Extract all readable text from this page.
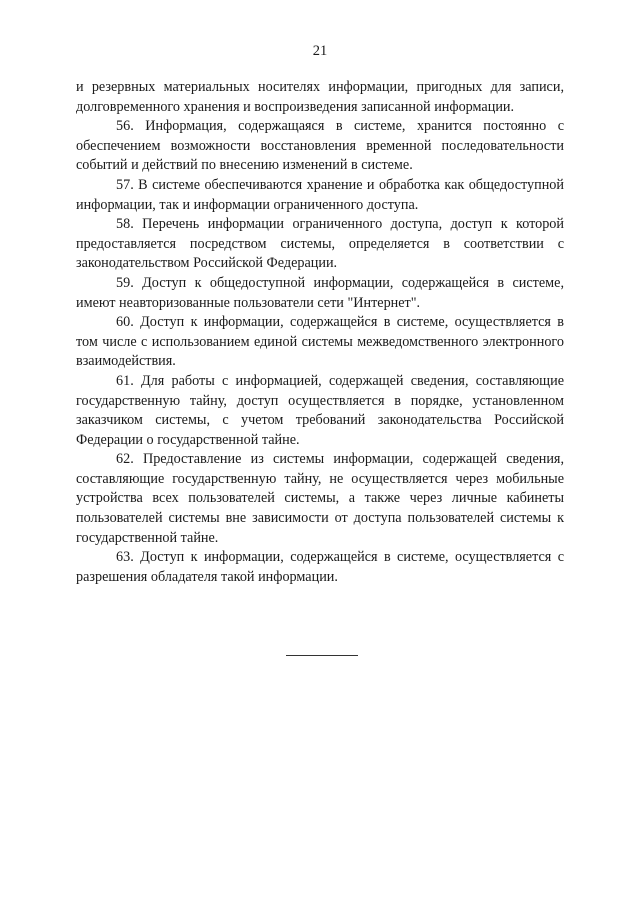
21

и резервных материальных носителях информации, пригодных для записи, долговременного хранения и воспроизведения записанной информации.

56. Информация, содержащаяся в системе, хранится постоянно с обеспечением возможности восстановления временной последовательности событий и действий по внесению изменений в системе.

57. В системе обеспечиваются хранение и обработка как общедоступной информации, так и информации ограниченного доступа.

58. Перечень информации ограниченного доступа, доступ к которой предоставляется посредством системы, определяется в соответствии с законодательством Российской Федерации.

59. Доступ к общедоступной информации, содержащейся в системе, имеют неавторизованные пользователи сети "Интернет".

60. Доступ к информации, содержащейся в системе, осуществляется в том числе с использованием единой системы межведомственного электронного взаимодействия.

61. Для работы с информацией, содержащей сведения, составляющие государственную тайну, доступ осуществляется в порядке, установленном заказчиком системы, с учетом требований законодательства Российской Федерации о государственной тайне.

62. Предоставление из системы информации, содержащей сведения, составляющие государственную тайну, не осуществляется через мобильные устройства всех пользователей системы, а также через личные кабинеты пользователей системы вне зависимости от доступа пользователей системы к государственной тайне.

63. Доступ к информации, содержащейся в системе, осуществляется с разрешения обладателя такой информации.
